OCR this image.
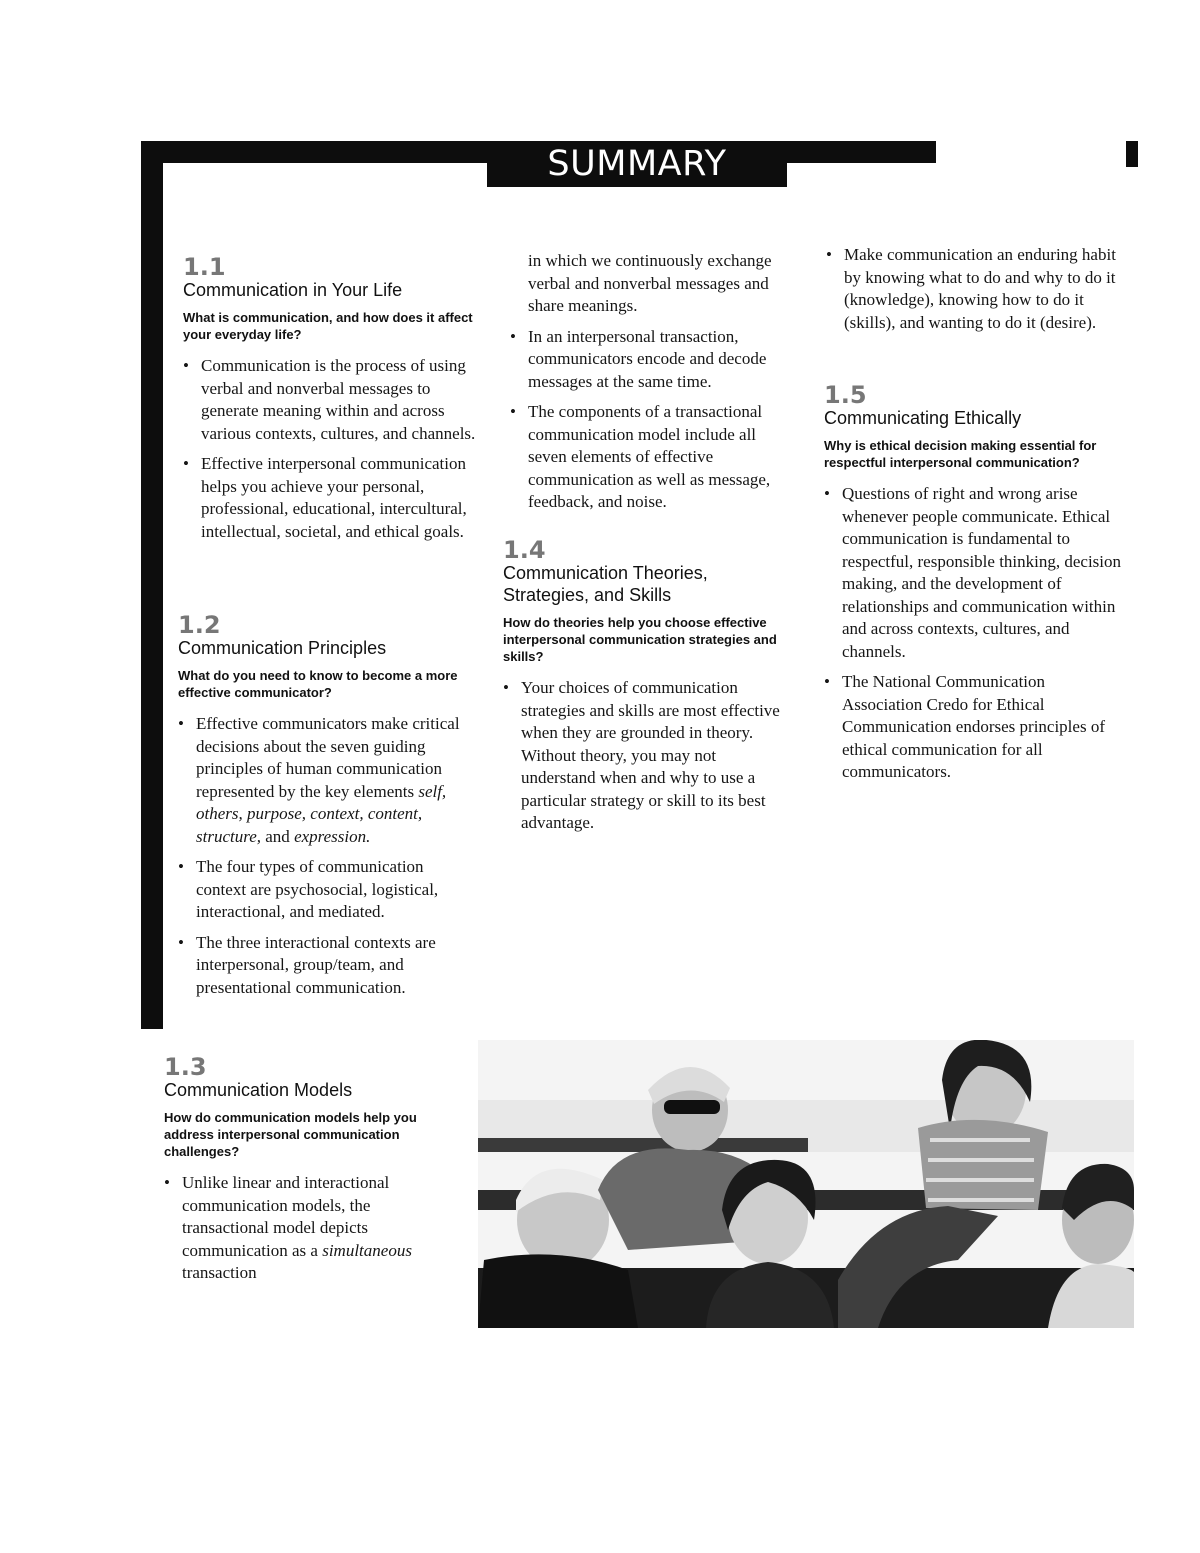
SUMMARY
1.1
Communication in Your Life
What is communication, and how does it affect your everyday life?
• Communication is the process of using verbal and nonverbal messages to generate meaning within and across various contexts, cultures, and channels.
• Effective interpersonal communication helps you achieve your personal, professional, educational, intercultural, intellectual, societal, and ethical goals.
1.2
Communication Principles
What do you need to know to become a more effective communicator?
• Effective communicators make critical decisions about the seven guiding principles of human communication represented by the key elements self, others, purpose, context, content, structure, and expression.
• The four types of communication context are psychosocial, logistical, interactional, and mediated.
• The three interactional contexts are interpersonal, group/team, and presentational communication.
1.3
Communication Models
How do communication models help you address interpersonal communication challenges?
• Unlike linear and interactional communication models, the transactional model depicts communication as a simultaneous transaction
in which we continuously exchange verbal and nonverbal messages and share meanings.
• In an interpersonal transaction, communicators encode and decode messages at the same time.
• The components of a transactional communication model include all seven elements of effective communication as well as message, feedback, and noise.
1.4
Communication Theories, Strategies, and Skills
How do theories help you choose effective interpersonal communication strategies and skills?
• Your choices of communication strategies and skills are most effective when they are grounded in theory. Without theory, you may not understand when and why to use a particular strategy or skill to its best advantage.
• Make communication an enduring habit by knowing what to do and why to do it (knowledge), knowing how to do it (skills), and wanting to do it (desire).
1.5
Communicating Ethically
Why is ethical decision making essential for respectful interpersonal communication?
• Questions of right and wrong arise whenever people communicate. Ethical communication is fundamental to respectful, responsible thinking, decision making, and the development of relationships and communication within and across contexts, cultures, and channels.
• The National Communication Association Credo for Ethical Communication endorses principles of ethical communication for all communicators.
